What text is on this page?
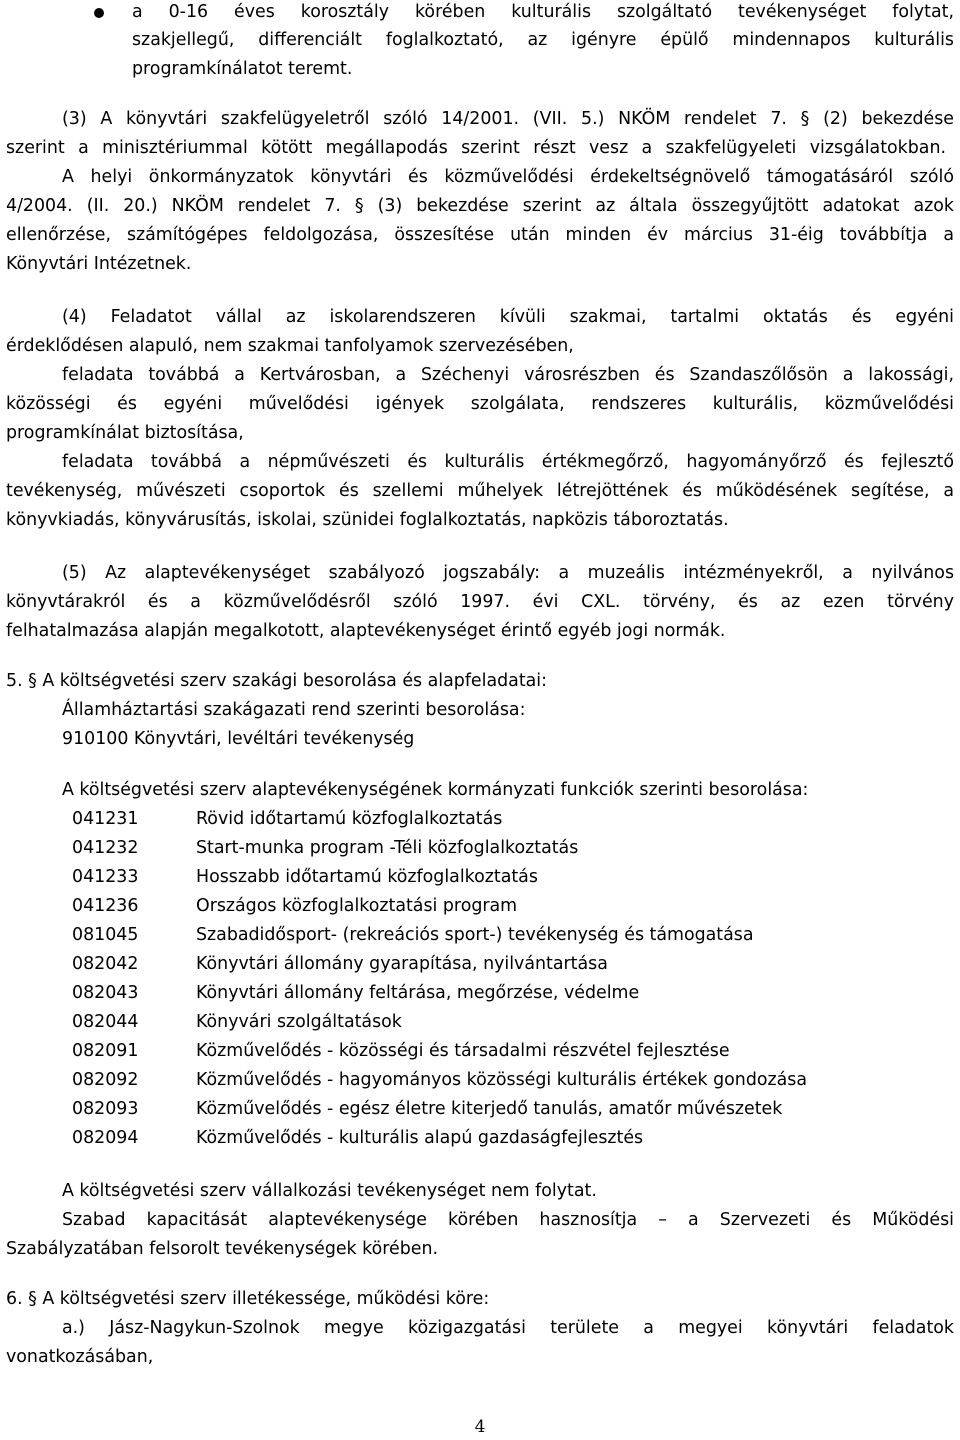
a 0-16 éves korosztály körében kulturális szolgáltató tevékenységet folytat,
szakjellegű, differenciált foglalkoztató, az igényre épülő mindennapos kulturális
programkínálatot teremt.
(3) A könyvtári szakfelügyeletről szóló 14/2001. (VII. 5.) NKÖM rendelet 7. § (2) bekezdése
szerint a minisztériummal kötött megállapodás szerint részt vesz a szakfelügyeleti vizsgálatokban.
A helyi önkormányzatok könyvtári és közművelődési érdekeltségnövelő támogatásáról szóló
4/2004. (II. 20.) NKÖM rendelet 7. § (3) bekezdése szerint az általa összegyűjtött adatokat azok
ellenőrzése, számítógépes feldolgozása, összesítése után minden év március 31-éig továbbítja a
Könyvtári Intézetnek.
(4) Feladatot vállal az iskolarendszeren kívüli szakmai, tartalmi oktatás és egyéni
érdeklődésen alapuló, nem szakmai tanfolyamok szervezésében,
feladata továbbá a Kertvárosban, a Széchenyi városrészben és Szandaszőlősön a lakossági,
közösségi és egyéni művelődési igények szolgálata, rendszeres kulturális, közművelődési
programkínálat biztosítása,
feladata továbbá a népművészeti és kulturális értékmegőrző, hagyományőrző és fejlesztő
tevékenység, művészeti csoportok és szellemi műhelyek létrejöttének és működésének segítése, a
könyvkiadás, könyvárusítás, iskolai, szünidei foglalkoztatás, napközis táboroztatás.
(5) Az alaptevékenységet szabályozó jogszabály: a muzeális intézményekről, a nyilvános
könyvtárakról és a közművelődésről szóló 1997. évi CXL. törvény, és az ezen törvény
felhatalmazása alapján megalkotott, alaptevékenységet érintő egyéb jogi normák.
5. § A költségvetési szerv szakági besorolása és alapfeladatai:
Államháztartási szakágazati rend szerinti besorolása:
910100 Könyvtári, levéltári tevékenység
A költségvetési szerv alaptevékenységének kormányzati funkciók szerinti besorolása:
041231	Rövid időtartamú közfoglalkoztatás
041232	Start-munka program -Téli közfoglalkoztatás
041233	Hosszabb időtartamú közfoglalkoztatás
041236	Országos közfoglalkoztatási program
081045	Szabadidősport- (rekreációs sport-) tevékenység és támogatása
082042	Könyvtári állomány gyarapítása, nyilvántartása
082043	Könyvtári állomány feltárása, megőrzése, védelme
082044	Könyvári szolgáltatások
082091	Közművelődés - közösségi és társadalmi részvétel fejlesztése
082092	Közművelődés - hagyományos közösségi kulturális értékek gondozása
082093	Közművelődés - egész életre kiterjedő tanulás, amatőr művészetek
082094	Közművelődés - kulturális alapú gazdaságfejlesztés
A költségvetési szerv vállalkozási tevékenységet nem folytat.
Szabad kapacitását alaptevékenysége körében hasznosítja – a Szervezeti és Működési
Szabályzatában felsorolt tevékenységek körében.
6. § A költségvetési szerv illetékessége, működési köre:
a.) Jász-Nagykun-Szolnok megye közigazgatási területe a megyei könyvtári feladatok
vonatkozásában,
4
